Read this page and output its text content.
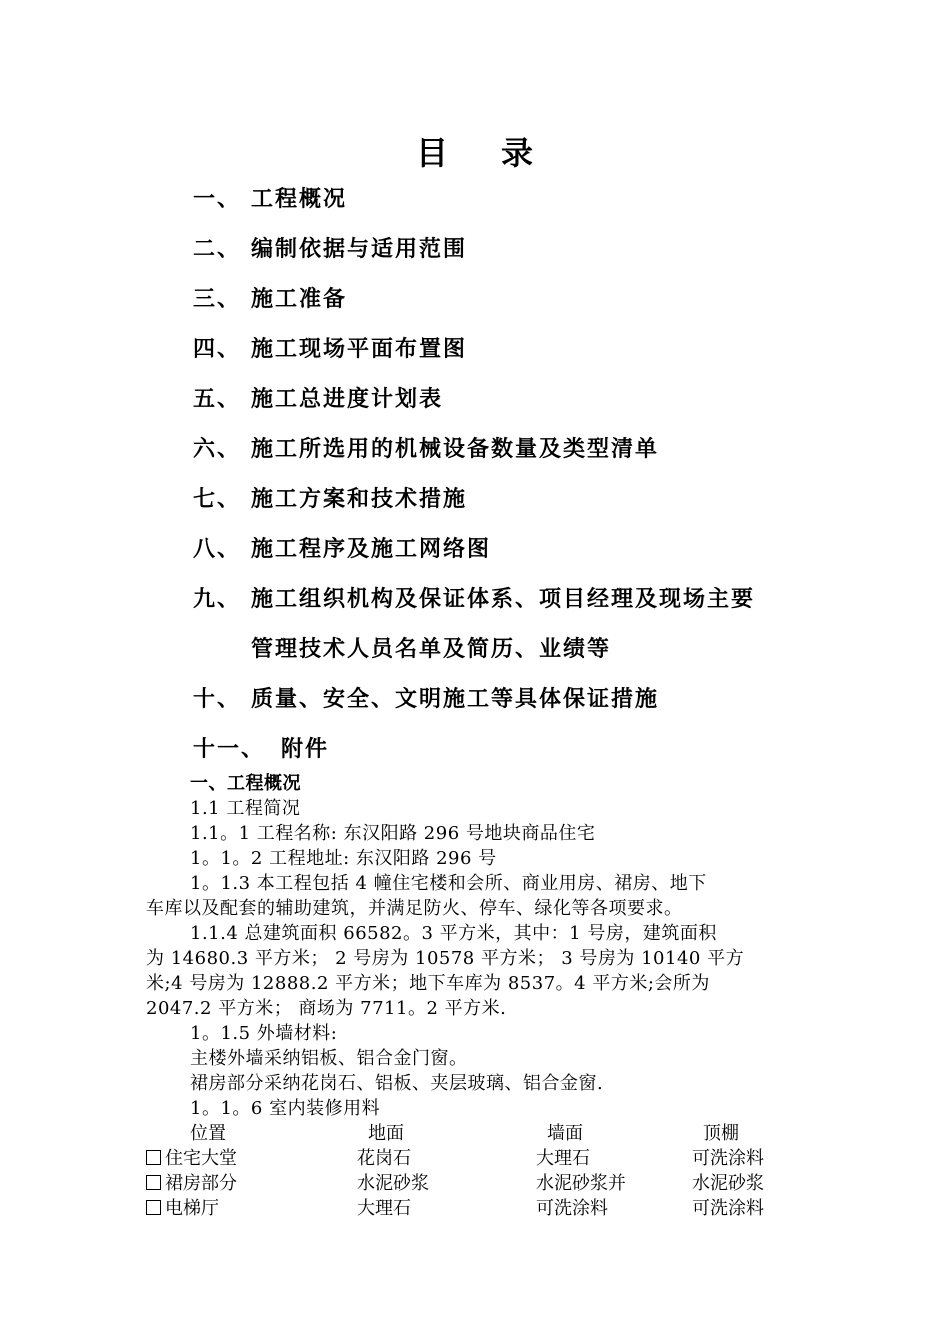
目 录
一、 工程概况
二、 编制依据与适用范围
三、 施工准备
四、 施工现场平面布置图
五、 施工总进度计划表
六、 施工所选用的机械设备数量及类型清单
七、 施工方案和技术措施
八、 施工程序及施工网络图
九、 施工组织机构及保证体系、项目经理及现场主要
管理技术人员名单及简历、业绩等
十、 质量、安全、文明施工等具体保证措施
十一、 附件
一、工程概况
1.1 工程简况
1.1。1 工程名称: 东汉阳路 296 号地块商品住宅
1。1。2 工程地址: 东汉阳路 296 号
1。1.3 本工程包括 4 幢住宅楼和会所、商业用房、裙房、地下
车库以及配套的辅助建筑，并满足防火、停车、绿化等各项要求。
1.1.4 总建筑面积 66582。3 平方米，其中：1 号房，建筑面积
为 14680.3 平方米； 2 号房为 10578 平方米； 3 号房为 10140 平方
米;4 号房为 12888.2 平方米；地下车库为 8537。4 平方米;会所为
2047.2 平方米； 商场为 7711。2 平方米.
1。1.5 外墙材料:
主楼外墙采纳铝板、铝合金门窗。
裙房部分采纳花岗石、铝板、夹层玻璃、铝合金窗.
1。1。6 室内装修用料
位置	地面	墙面	顶棚
住宅大堂	花岗石	大理石	可洗涂料
裙房部分	水泥砂浆	水泥砂浆并	水泥砂浆
电梯厅	大理石	可洗涂料	可洗涂料
